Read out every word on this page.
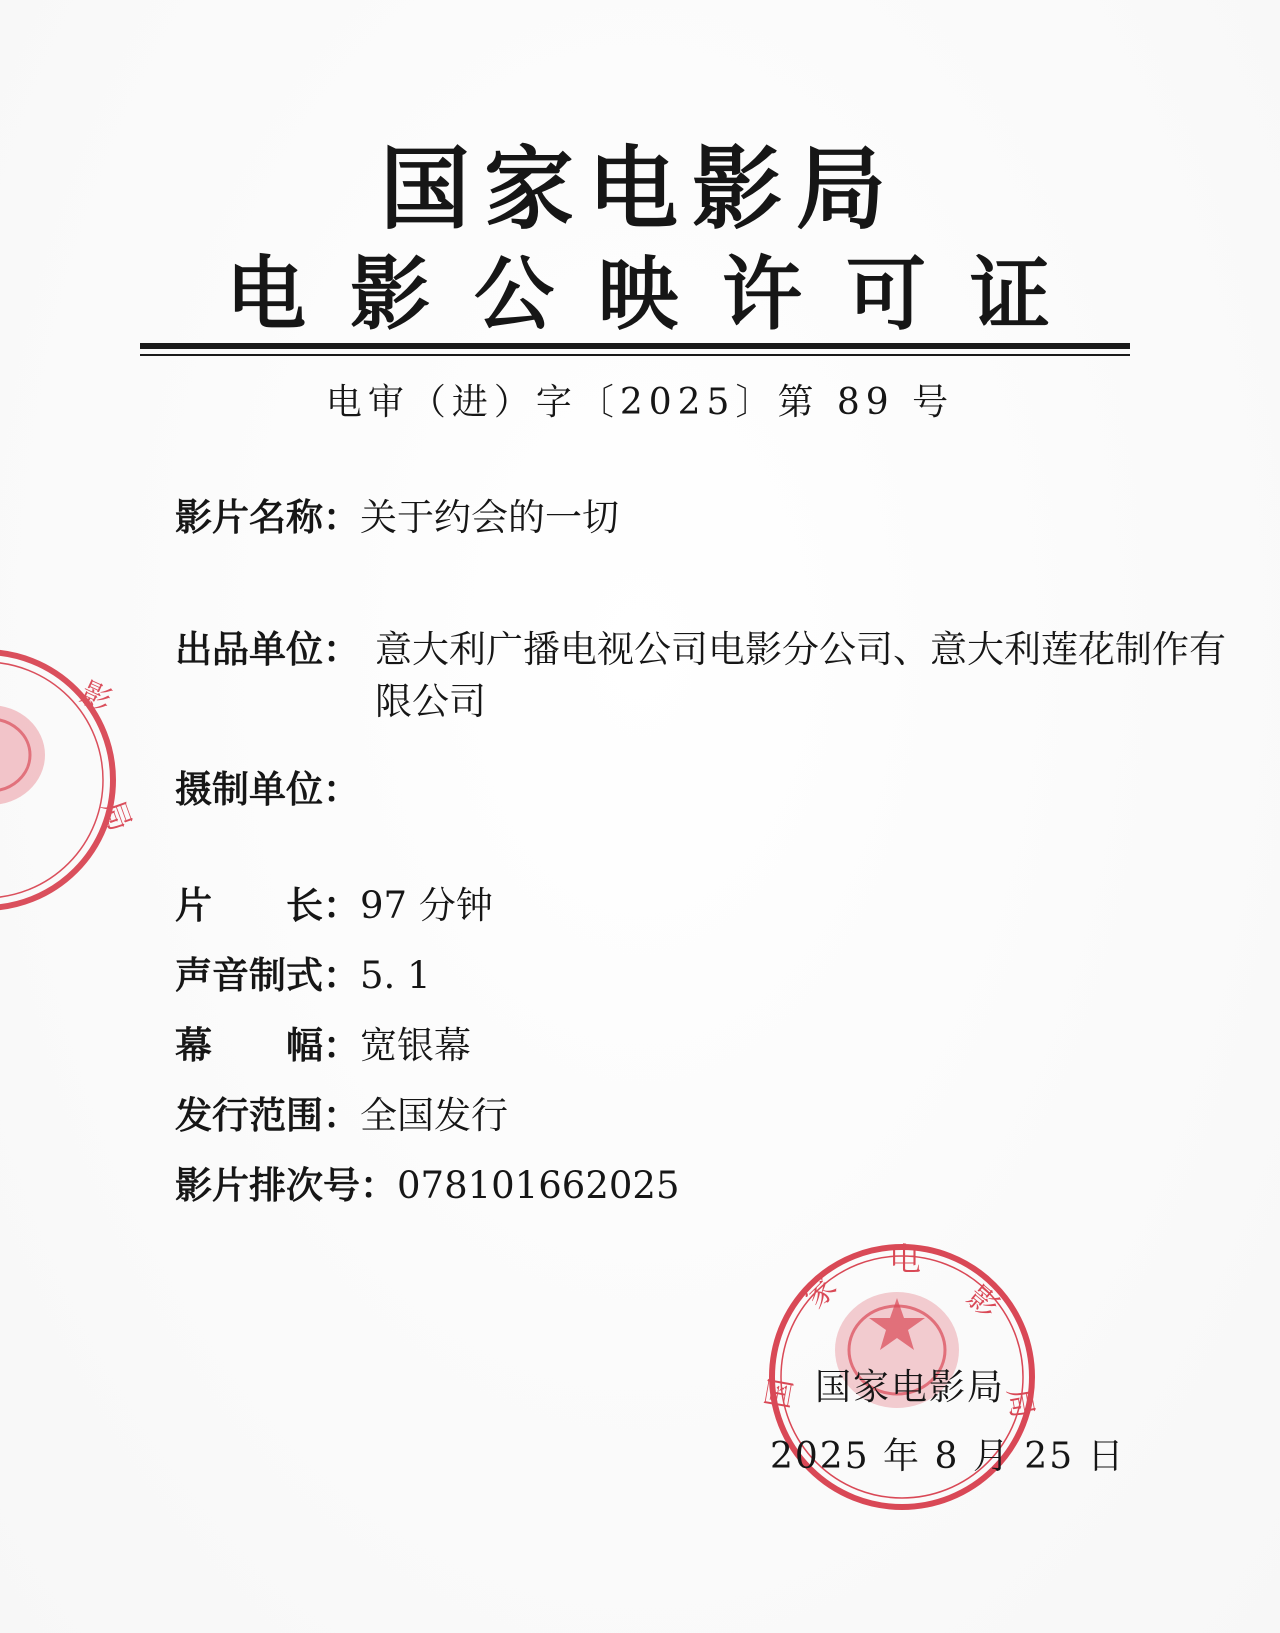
国家电影局
电影公映许可证
电审（进）字〔2025〕第 89 号
影片名称：关于约会的一切
出品单位： 意大利广播电视公司电影分公司、意大利莲花制作有限公司
摄制单位：
片　　长：97 分钟
声音制式：5. 1
幕　　幅：宽银幕
发行范围：全国发行
影片排次号：078101662025
影
局
家
电
影
局
国 国家电影局
2025 年 8 月 25 日
